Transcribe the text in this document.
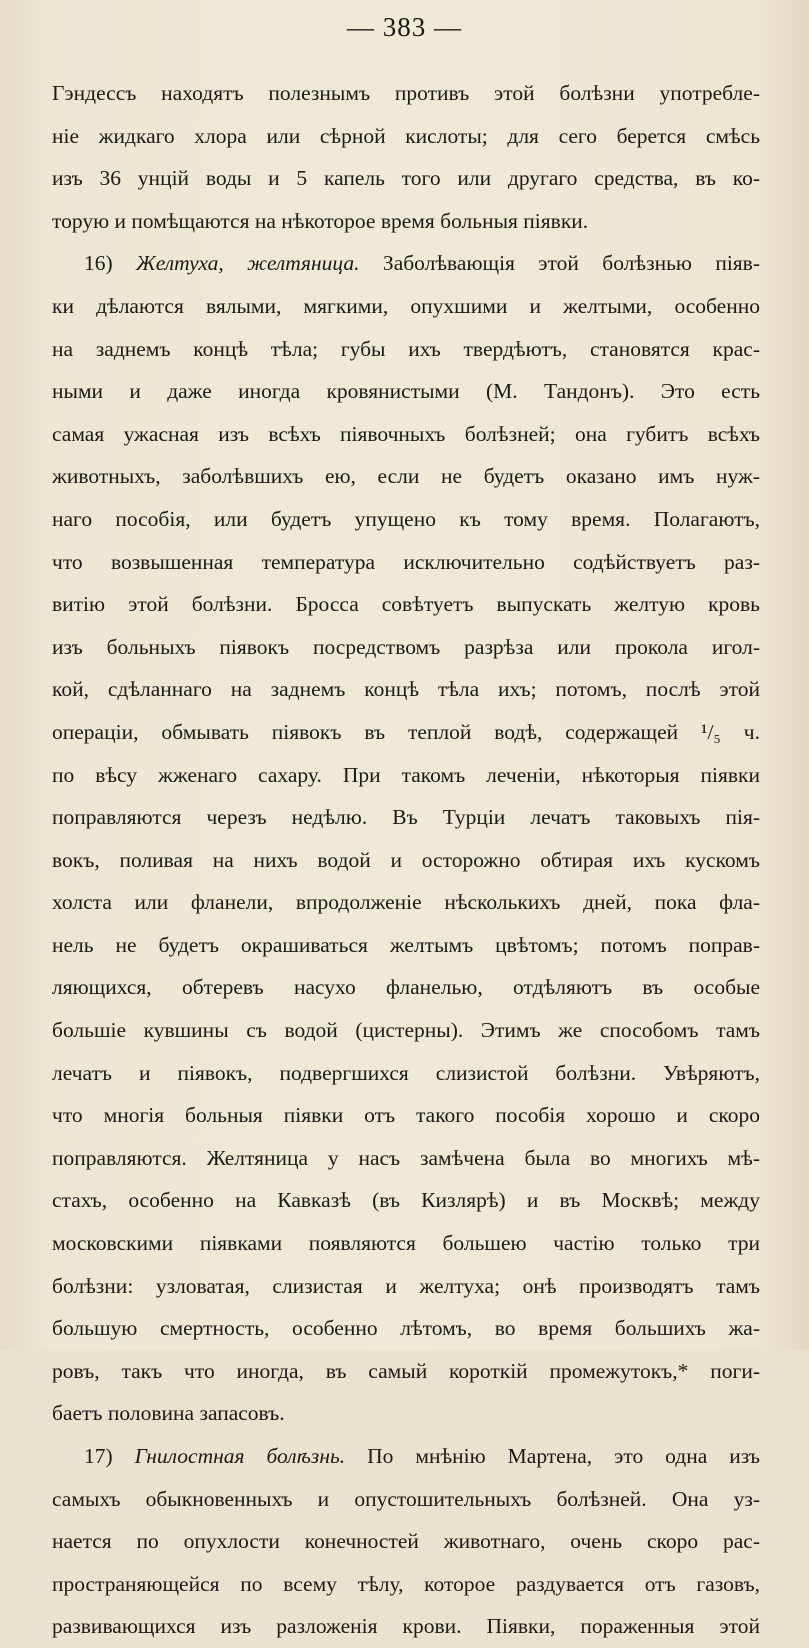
— 383 —
Гэндессъ находятъ полезнымъ противъ этой болѣзни употребле-
ніе жидкаго хлора или сѣрной кислоты; для сего берется смѣсь
изъ 36 унцій воды и 5 капель того или другаго средства, въ ко-
торую и помѣщаются на нѣкоторое время больныя піявки.
16) Желтуха, желтяница. Заболѣвающія этой болѣзнью піяв-
ки дѣлаются вялыми, мягкими, опухшими и желтыми, особенно
на заднемъ концѣ тѣла; губы ихъ твердѣютъ, становятся крас-
ными и даже иногда кровянистыми (М. Тандонъ). Это есть
самая ужасная изъ всѣхъ піявочныхъ болѣзней; она губитъ всѣхъ
животныхъ, заболѣвшихъ ею, если не будетъ оказано имъ нуж-
наго пособія, или будетъ упущено къ тому время. Полагаютъ,
что возвышенная температура исключительно содѣйствуетъ раз-
витію этой болѣзни. Бросса совѣтуетъ выпускать желтую кровь
изъ больныхъ піявокъ посредствомъ разрѣза или прокола игол-
кой, сдѣланнаго на заднемъ концѣ тѣла ихъ; потомъ, послѣ этой
операціи, обмывать піявокъ въ теплой водѣ, содержащей ¹/₅ ч.
по вѣсу жженаго сахару. При такомъ леченіи, нѣкоторыя піявки
поправляются черезъ недѣлю. Въ Турціи лечатъ таковыхъ пія-
вокъ, поливая на нихъ водой и осторожно обтирая ихъ кускомъ
холста или фланели, впродолженіе нѣсколькихъ дней, пока фла-
нель не будетъ окрашиваться желтымъ цвѣтомъ; потомъ поправ-
ляющихся, обтеревъ насухо фланелью, отдѣляютъ въ особые
большіе кувшины съ водой (цистерны). Этимъ же способомъ тамъ
лечатъ и піявокъ, подвергшихся слизистой болѣзни. Увѣряютъ,
что многія больныя піявки отъ такого пособія хорошо и скоро
поправляются. Желтяница у насъ замѣчена была во многихъ мѣ-
стахъ, особенно на Кавказѣ (въ Кизлярѣ) и въ Москвѣ; между
московскими піявками появляются большею частію только три
болѣзни: узловатая, слизистая и желтуха; онѣ производятъ тамъ
большую смертность, особенно лѣтомъ, во время большихъ жа-
ровъ, такъ что иногда, въ самый короткій промежутокъ,* поги-
баетъ половина запасовъ.
17) Гнилостная болѣзнь. По мнѣнію Мартена, это одна изъ
самыхъ обыкновенныхъ и опустошительныхъ болѣзней. Она уз-
нается по опухлости конечностей животнаго, очень скоро рас-
пространяющейся по всему тѣлу, которое раздувается отъ газовъ,
развивающихся изъ разложенія крови. Піявки, пораженныя этой
